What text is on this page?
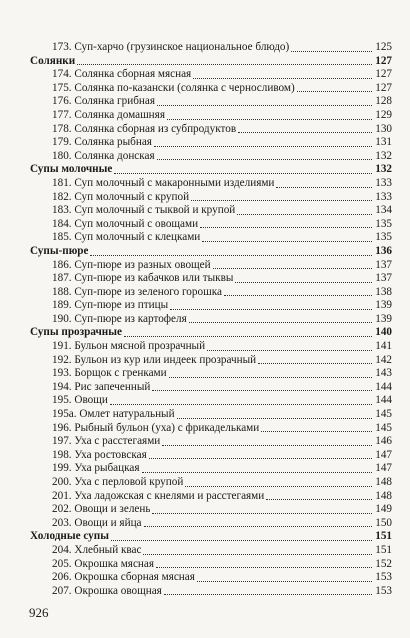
173. Суп-харчо (грузинское национальное блюдо)	125
Солянки	127
174. Солянка сборная мясная	127
175. Солянка по-казански (солянка с черносливом)	127
176. Солянка грибная	128
177. Солянка домашняя	129
178. Солянка сборная из субпродуктов	130
179. Солянка рыбная	131
180. Солянка донская	132
Супы молочные	132
181. Суп молочный с макаронными изделиями	133
182. Суп молочный с крупой	133
183. Суп молочный с тыквой и крупой	134
184. Суп молочный с овощами	135
185. Суп молочный с клецками	135
Супы-пюре	136
186. Суп-пюре из разных овощей	137
187. Суп-пюре из кабачков или тыквы	137
188. Суп-пюре из зеленого горошка	138
189. Суп-пюре из птицы	139
190. Суп-пюре из картофеля	139
Супы прозрачные	140
191. Бульон мясной прозрачный	141
192. Бульон из кур или индеек прозрачный	142
193. Борщок с гренками	143
194. Рис запеченный	144
195. Овощи	144
195а. Омлет натуральный	145
196. Рыбный бульон (уха) с фрикадельками	145
197. Уха с расстегаями	146
198. Уха ростовская	147
199. Уха рыбацкая	147
200. Уха с перловой крупой	148
201. Уха ладожская с кнелями и расстегаями	148
202. Овощи и зелень	149
203. Овощи и яйца	150
Холодные супы	151
204. Хлебный квас	151
205. Окрошка мясная	152
206. Окрошка сборная мясная	153
207. Окрошка овощная	153
926
